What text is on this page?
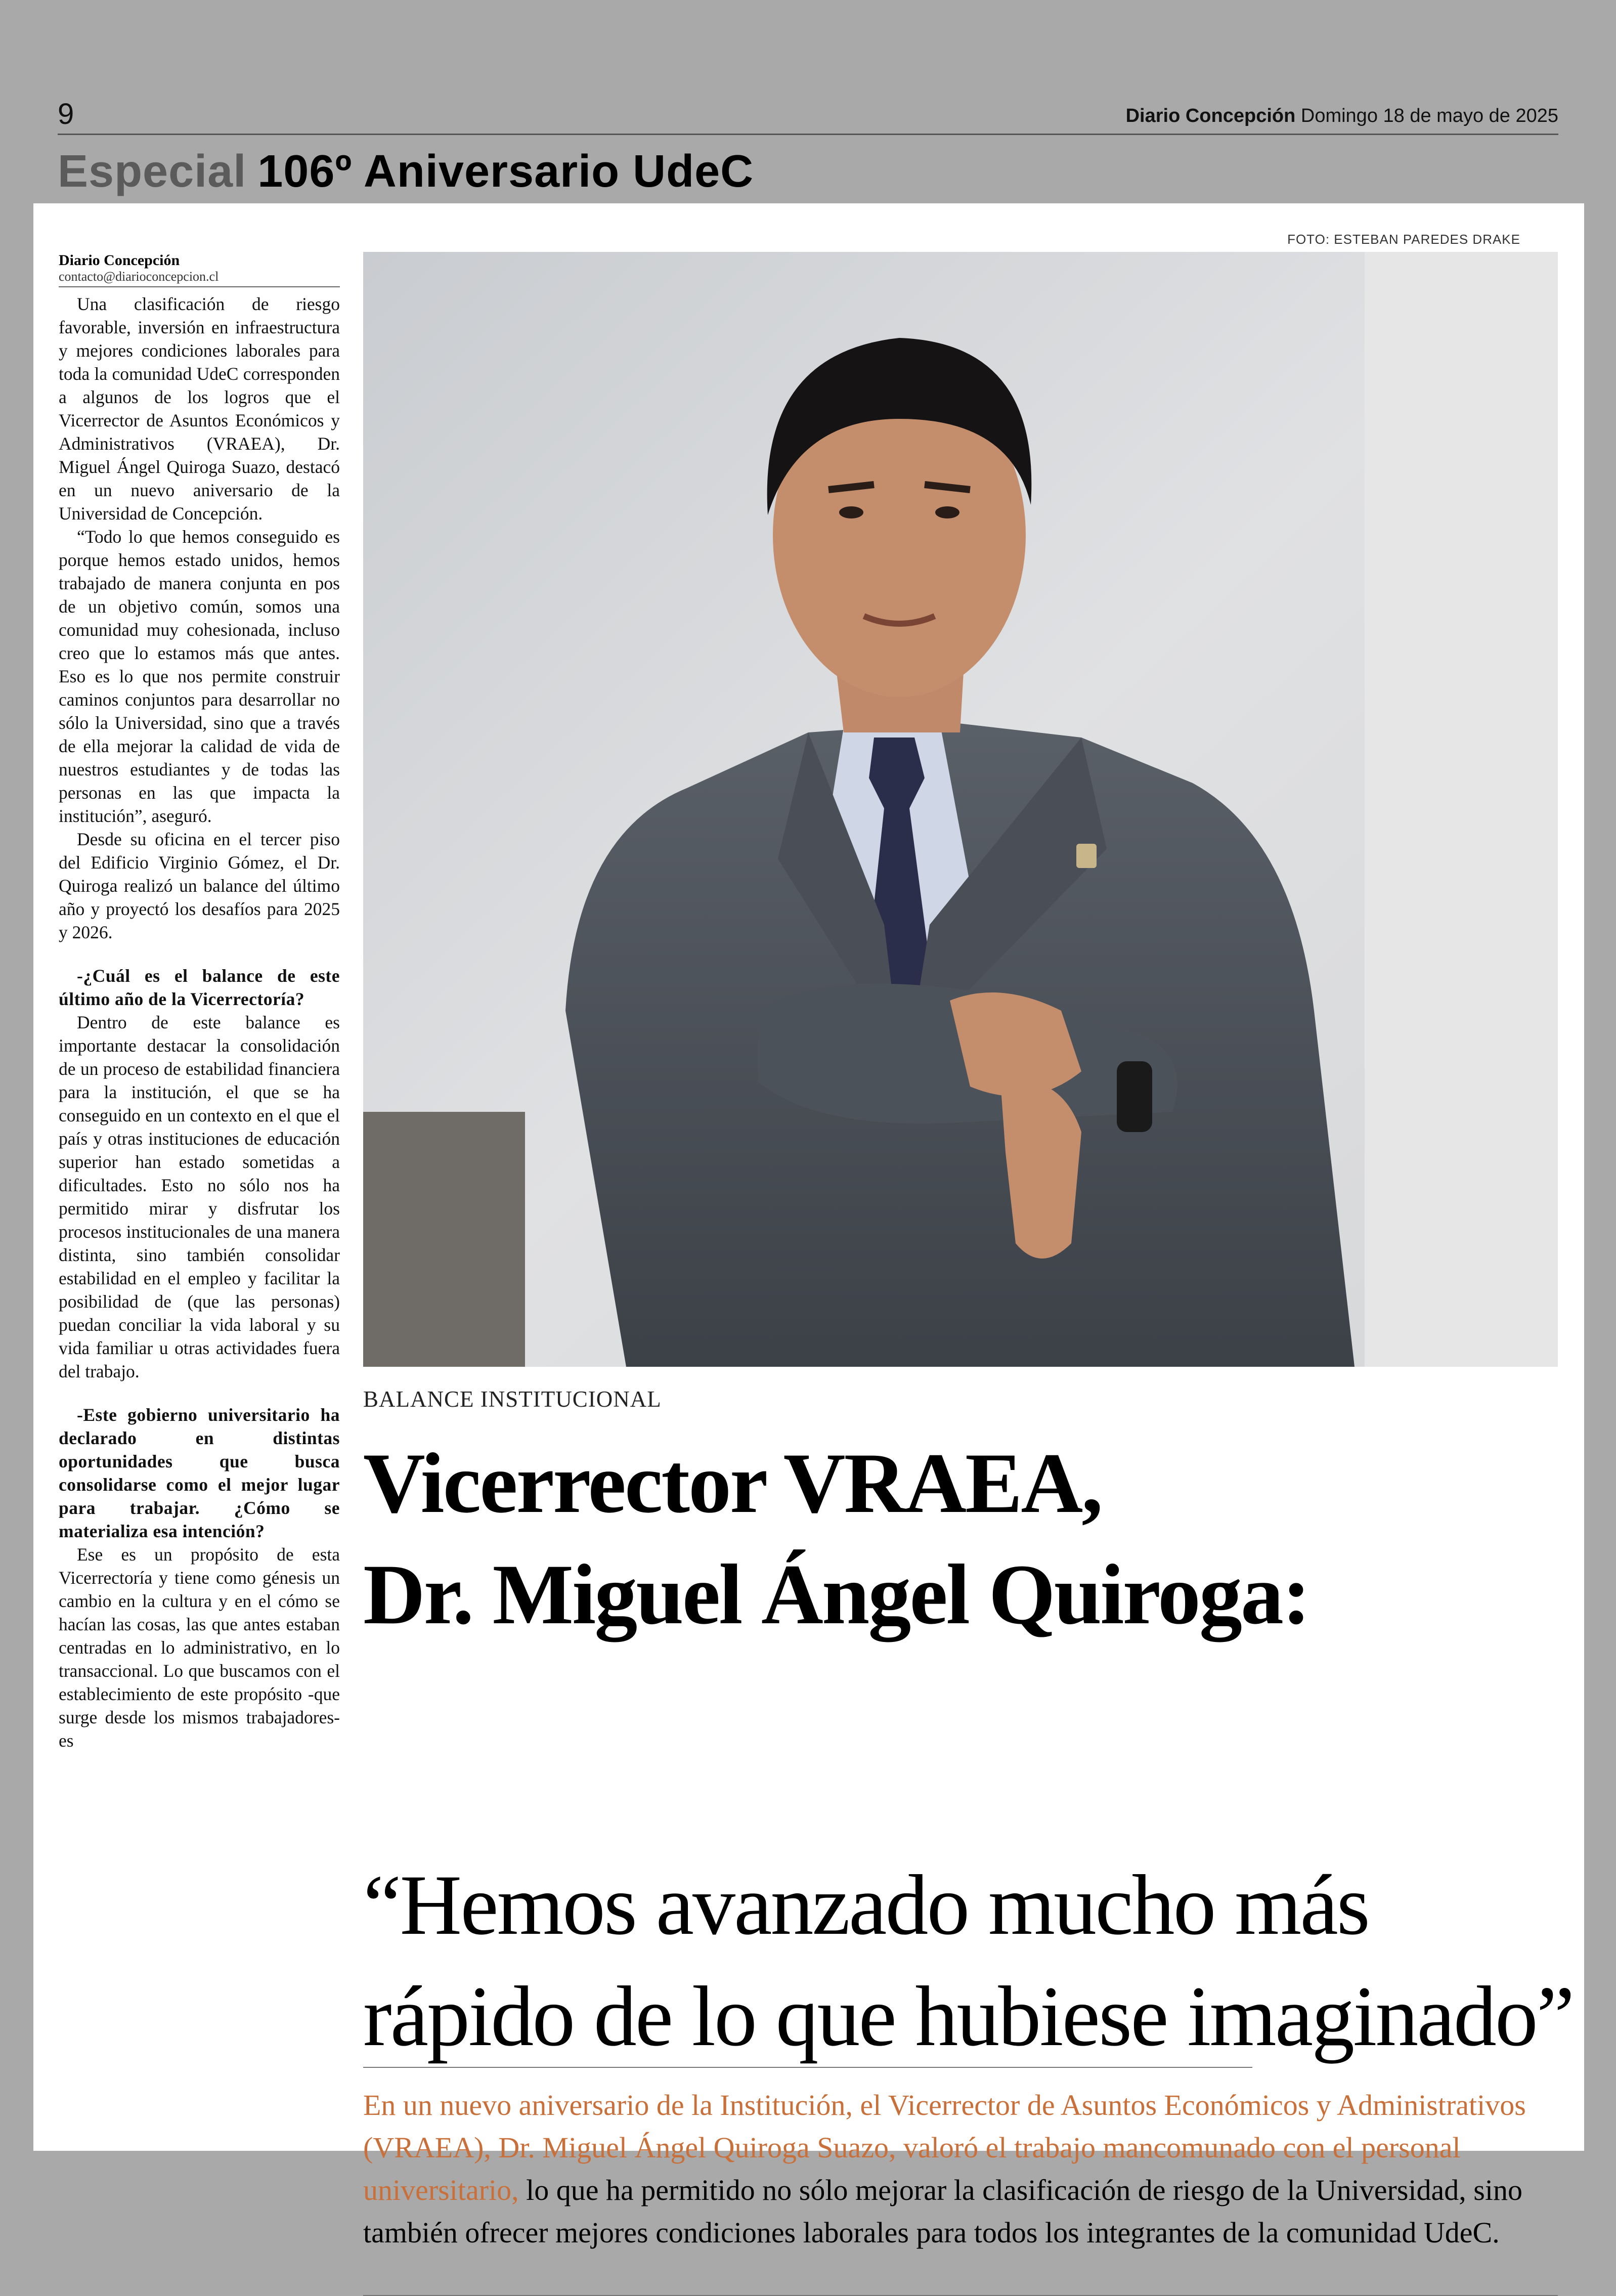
9	Diario Concepción Domingo 18 de mayo de 2025
Especial 106º Aniversario UdeC
FOTO: ESTEBAN PAREDES DRAKE
Diario Concepción
contacto@diarioconcepcion.cl

Una clasificación de riesgo favorable, inversión en infraestructura y mejores condiciones laborales para toda la comunidad UdeC corresponden a algunos de los logros que el Vicerrector de Asuntos Económicos y Administrativos (VRAEA), Dr. Miguel Ángel Quiroga Suazo, destacó en un nuevo aniversario de la Universidad de Concepción.

“Todo lo que hemos conseguido es porque hemos estado unidos, hemos trabajado de manera conjunta en pos de un objetivo común, somos una comunidad muy cohesionada, incluso creo que lo estamos más que antes. Eso es lo que nos permite construir caminos conjuntos para desarrollar no sólo la Universidad, sino que a través de ella mejorar la calidad de vida de nuestros estudiantes y de todas las personas en las que impacta la institución”, aseguró.

Desde su oficina en el tercer piso del Edificio Virginio Gómez, el Dr. Quiroga realizó un balance del último año y proyectó los desafíos para 2025 y 2026.

-¿Cuál es el balance de este último año de la Vicerrectoría?

Dentro de este balance es importante destacar la consolidación de un proceso de estabilidad financiera para la institución, el que se ha conseguido en un contexto en el que el país y otras instituciones de educación superior han estado sometidas a dificultades. Esto no sólo nos ha permitido mirar y disfrutar los procesos institucionales de una manera distinta, sino también consolidar estabilidad en el empleo y facilitar la posibilidad de (que las personas) puedan conciliar la vida laboral y su vida familiar u otras actividades fuera del trabajo.

-Este gobierno universitario ha declarado en distintas oportunidades que busca consolidarse como el mejor lugar para trabajar. ¿Cómo se materializa esa intención?

Ese es un propósito de esta Vicerrectoría y tiene como génesis un cambio en la cultura y en el cómo se hacían las cosas, las que antes estaban centradas en lo administrativo, en lo transaccional. Lo que buscamos con el establecimiento de este propósito -que surge desde los mismos trabajadores- es

BALANCE INSTITUCIONAL
Vicerrector VRAEA,
Dr. Miguel Ángel Quiroga:
“Hemos avanzado mucho más
rápido de lo que hubiese imaginado”
En un nuevo aniversario de la Institución, el Vicerrector de Asuntos Económicos y Administrativos (VRAEA), Dr. Miguel Ángel Quiroga Suazo, valoró el trabajo mancomunado con el personal universitario, lo que ha permitido no sólo mejorar la clasificación de riesgo de la Universidad, sino también ofrecer mejores condiciones laborales para todos los integrantes de la comunidad UdeC.
